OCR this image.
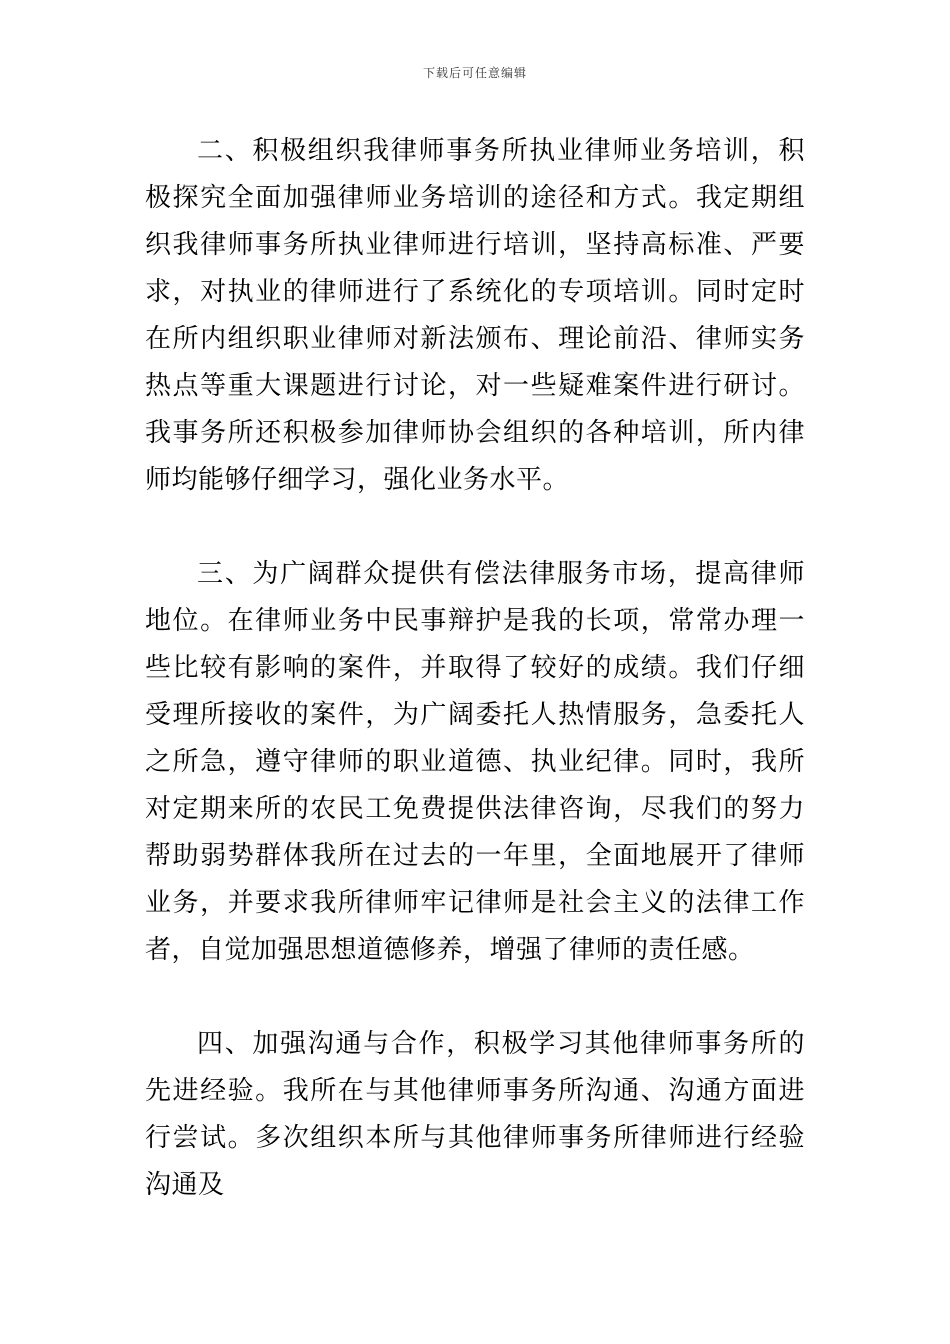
下载后可任意编辑

二、积极组织我律师事务所执业律师业务培训，积极探究全面加强律师业务培训的途径和方式。我定期组织我律师事务所执业律师进行培训，坚持高标准、严要求，对执业的律师进行了系统化的专项培训。同时定时在所内组织职业律师对新法颁布、理论前沿、律师实务热点等重大课题进行讨论，对一些疑难案件进行研讨。我事务所还积极参加律师协会组织的各种培训，所内律师均能够仔细学习，强化业务水平。

三、为广阔群众提供有偿法律服务市场，提高律师地位。在律师业务中民事辩护是我的长项，常常办理一些比较有影响的案件，并取得了较好的成绩。我们仔细受理所接收的案件，为广阔委托人热情服务，急委托人之所急，遵守律师的职业道德、执业纪律。同时，我所对定期来所的农民工免费提供法律咨询，尽我们的努力帮助弱势群体我所在过去的一年里，全面地展开了律师业务，并要求我所律师牢记律师是社会主义的法律工作者，自觉加强思想道德修养，增强了律师的责任感。

四、加强沟通与合作，积极学习其他律师事务所的先进经验。我所在与其他律师事务所沟通、沟通方面进行尝试。多次组织本所与其他律师事务所律师进行经验沟通及
